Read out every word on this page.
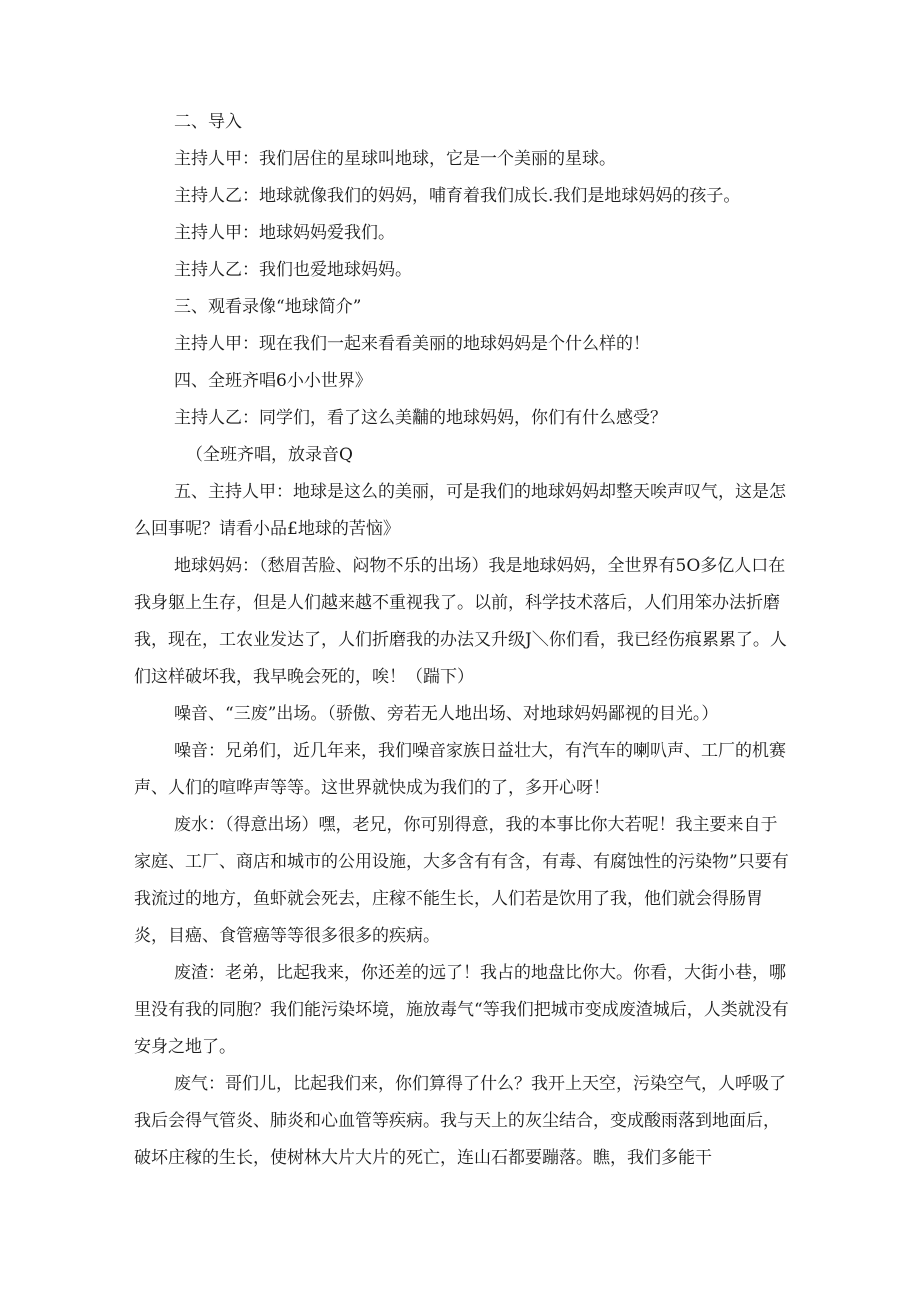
二、导入

主持人甲：我们居住的星球叫地球，它是一个美丽的星球。

主持人乙：地球就像我们的妈妈，哺育着我们成长.我们是地球妈妈的孩子。

主持人甲：地球妈妈爱我们。

主持人乙：我们也爱地球妈妈。

三、观看录像“地球简介”

主持人甲：现在我们一起来看看美丽的地球妈妈是个什么样的！

四、全班齐唱6小小世界》

主持人乙：同学们，看了这么美黼的地球妈妈，你们有什么感受？

（全班齐唱，放录音Q

五、主持人甲：地球是这么的美丽，可是我们的地球妈妈却整天唉声叹气，这是怎么回事呢？请看小品£地球的苦恼》

地球妈妈：（愁眉苦脸、闷物不乐的出场）我是地球妈妈，全世界有5O多亿人口在我身躯上生存，但是人们越来越不重视我了。以前，科学技术落后，人们用笨办法折磨我，现在，工农业发达了，人们折磨我的办法又升级J＼你们看，我已经伤痕累累了。人们这样破坏我，我早晚会死的，唉！（踹下）

噪音、“三废”出场。（骄傲、旁若无人地出场、对地球妈妈鄙视的目光。）

噪音：兄弟们，近几年来，我们噪音家族日益壮大，有汽车的喇叭声、工厂的机赛声、人们的喧哗声等等。这世界就快成为我们的了，多开心呀！

废水：（得意出场）嘿，老兄，你可别得意，我的本事比你大若呢！我主要来自于家庭、工厂、商店和城市的公用设施，大多含有有含，有毒、有腐蚀性的污染物”只要有我流过的地方，鱼虾就会死去，庄稼不能生长，人们若是饮用了我，他们就会得肠胃炎，目癌、食管癌等等很多很多的疾病。

废渣：老弟，比起我来，你还差的远了！我占的地盘比你大。你看，大街小巷，哪里没有我的同胞？我们能污染坏境，施放毒气“等我们把城市变成废渣城后，人类就没有安身之地了。

废气：哥们儿，比起我们来，你们算得了什么？我开上天空，污染空气，人呼吸了我后会得气管炎、肺炎和心血管等疾病。我与天上的灰尘结合，变成酸雨落到地面后，破坏庄稼的生长，使树林大片大片的死亡，连山石都要蹦落。瞧，我们多能干
